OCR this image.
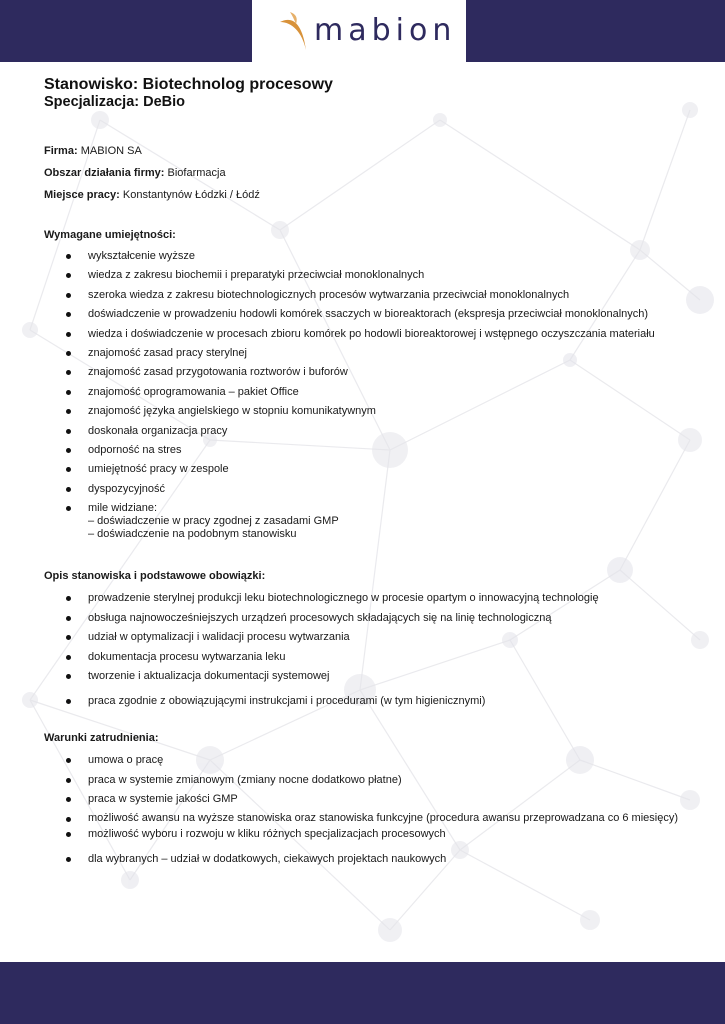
mabion
Stanowisko: Biotechnolog procesowy
Specjalizacja: DeBio
Firma: MABION SA
Obszar działania firmy: Biofarmacja
Miejsce pracy: Konstantynów Łódzki / Łódź

Wymagane umiejętności:

wykształcenie wyższe
wiedza z zakresu biochemii i preparatyki przeciwciał monoklonalnych
szeroka wiedza z zakresu biotechnologicznych procesów wytwarzania przeciwciał monoklonalnych
doświadczenie w prowadzeniu hodowli komórek ssaczych w bioreaktorach (ekspresja przeciwciał monoklonalnych)
wiedza i doświadczenie w procesach zbioru komórek po hodowli bioreaktorowej i wstępnego oczyszczania materiału
znajomość zasad pracy sterylnej
znajomość zasad przygotowania roztworów i buforów
znajomość oprogramowania – pakiet Office
znajomość języka angielskiego w stopniu komunikatywnym
doskonała organizacja pracy
odporność na stres
umiejętność pracy w zespole
dyspozycyjność
mile widziane:
– doświadczenie w pracy zgodnej z zasadami GMP
– doświadczenie na podobnym stanowisku

Opis stanowiska i podstawowe obowiązki:

prowadzenie sterylnej produkcji leku biotechnologicznego w procesie opartym o innowacyjną technologię
obsługa najnowocześniejszych urządzeń procesowych składających się na linię technologiczną
udział w optymalizacji i walidacji procesu wytwarzania
dokumentacja procesu wytwarzania leku
tworzenie i aktualizacja dokumentacji systemowej
praca zgodnie z obowiązującymi instrukcjami i procedurami (w tym higienicznymi)

Warunki zatrudnienia:

umowa o pracę
praca w systemie zmianowym (zmiany nocne dodatkowo płatne)
praca w systemie jakości GMP
możliwość awansu na wyższe stanowiska oraz stanowiska funkcyjne (procedura awansu przeprowadzana co 6 miesięcy)
możliwość wyboru i rozwoju w kliku różnych specjalizacjach procesowych
dla wybranych – udział w dodatkowych, ciekawych projektach naukowych
